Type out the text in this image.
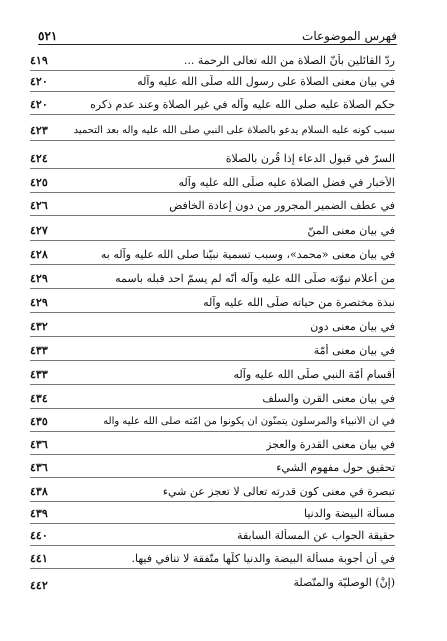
فهرس الموضوعات
٥٢١
ردّ القائلين بأنّ الصلاة من الله تعالى الرحمة ...
٤١٩
في بيان معنى الصلاة على رسول الله صلّى الله عليه وآله
٤٢٠
حكم الصلاة عليه صلى الله عليه وآله في غير الصلاة وعند عدم ذكره
٤٢٠
سبب كونه عليه السلام يدعو بالصلاة على النبي صلى الله عليه وآله بعد التحميد
٤٢٣
السرّ في قبول الدعاء إذا قُرن بالصلاة
٤٢٤
الأخبار في فضل الصلاة عليه صلّى الله عليه وآله
٤٢٥
في عطف الضمير المجرور من دون إعادة الخافض
٤٢٦
في بيان معنى المنّ
٤٢٧
في بيان معنى «محمد»، وسبب تسمية نبيّنا صلى الله عليه وآله به
٤٢٨
من أعلام نبوّته صلّى الله عليه وآله أنّه لم يسمّ احد قبله باسمه
٤٢٩
نبذة مختصرة من حياته صلّى الله عليه وآله
٤٢٩
في بيان معنى دون
٤٣٢
في بيان معنى أُمّة
٤٣٣
أقسام أُمّة النبي صلّى الله عليه وآله
٤٣٣
في بيان معنى القرن والسلف
٤٣٤
في أن الأنبياء والمرسلون يتمنّون أن يكونوا من أمّته صلى الله عليه وآله
٤٣٥
في بيان معنى القدرة والعجز
٤٣٦
تحقيق حول مفهوم الشيء
٤٣٦
تبصرة في معنى كون قدرته تعالى لا تعجز عن شيء
٤٣٨
مسألة البيضة والدنيا
٤٣٩
حقيقة الجواب عن المسألة السابقة
٤٤٠
في أن أجوبة مسألة البيضة والدنيا كلّها متّفقة لا تنافي فيها.
٤٤١
(إنْ) الوصليّة والمتّصلة
٤٤٢
